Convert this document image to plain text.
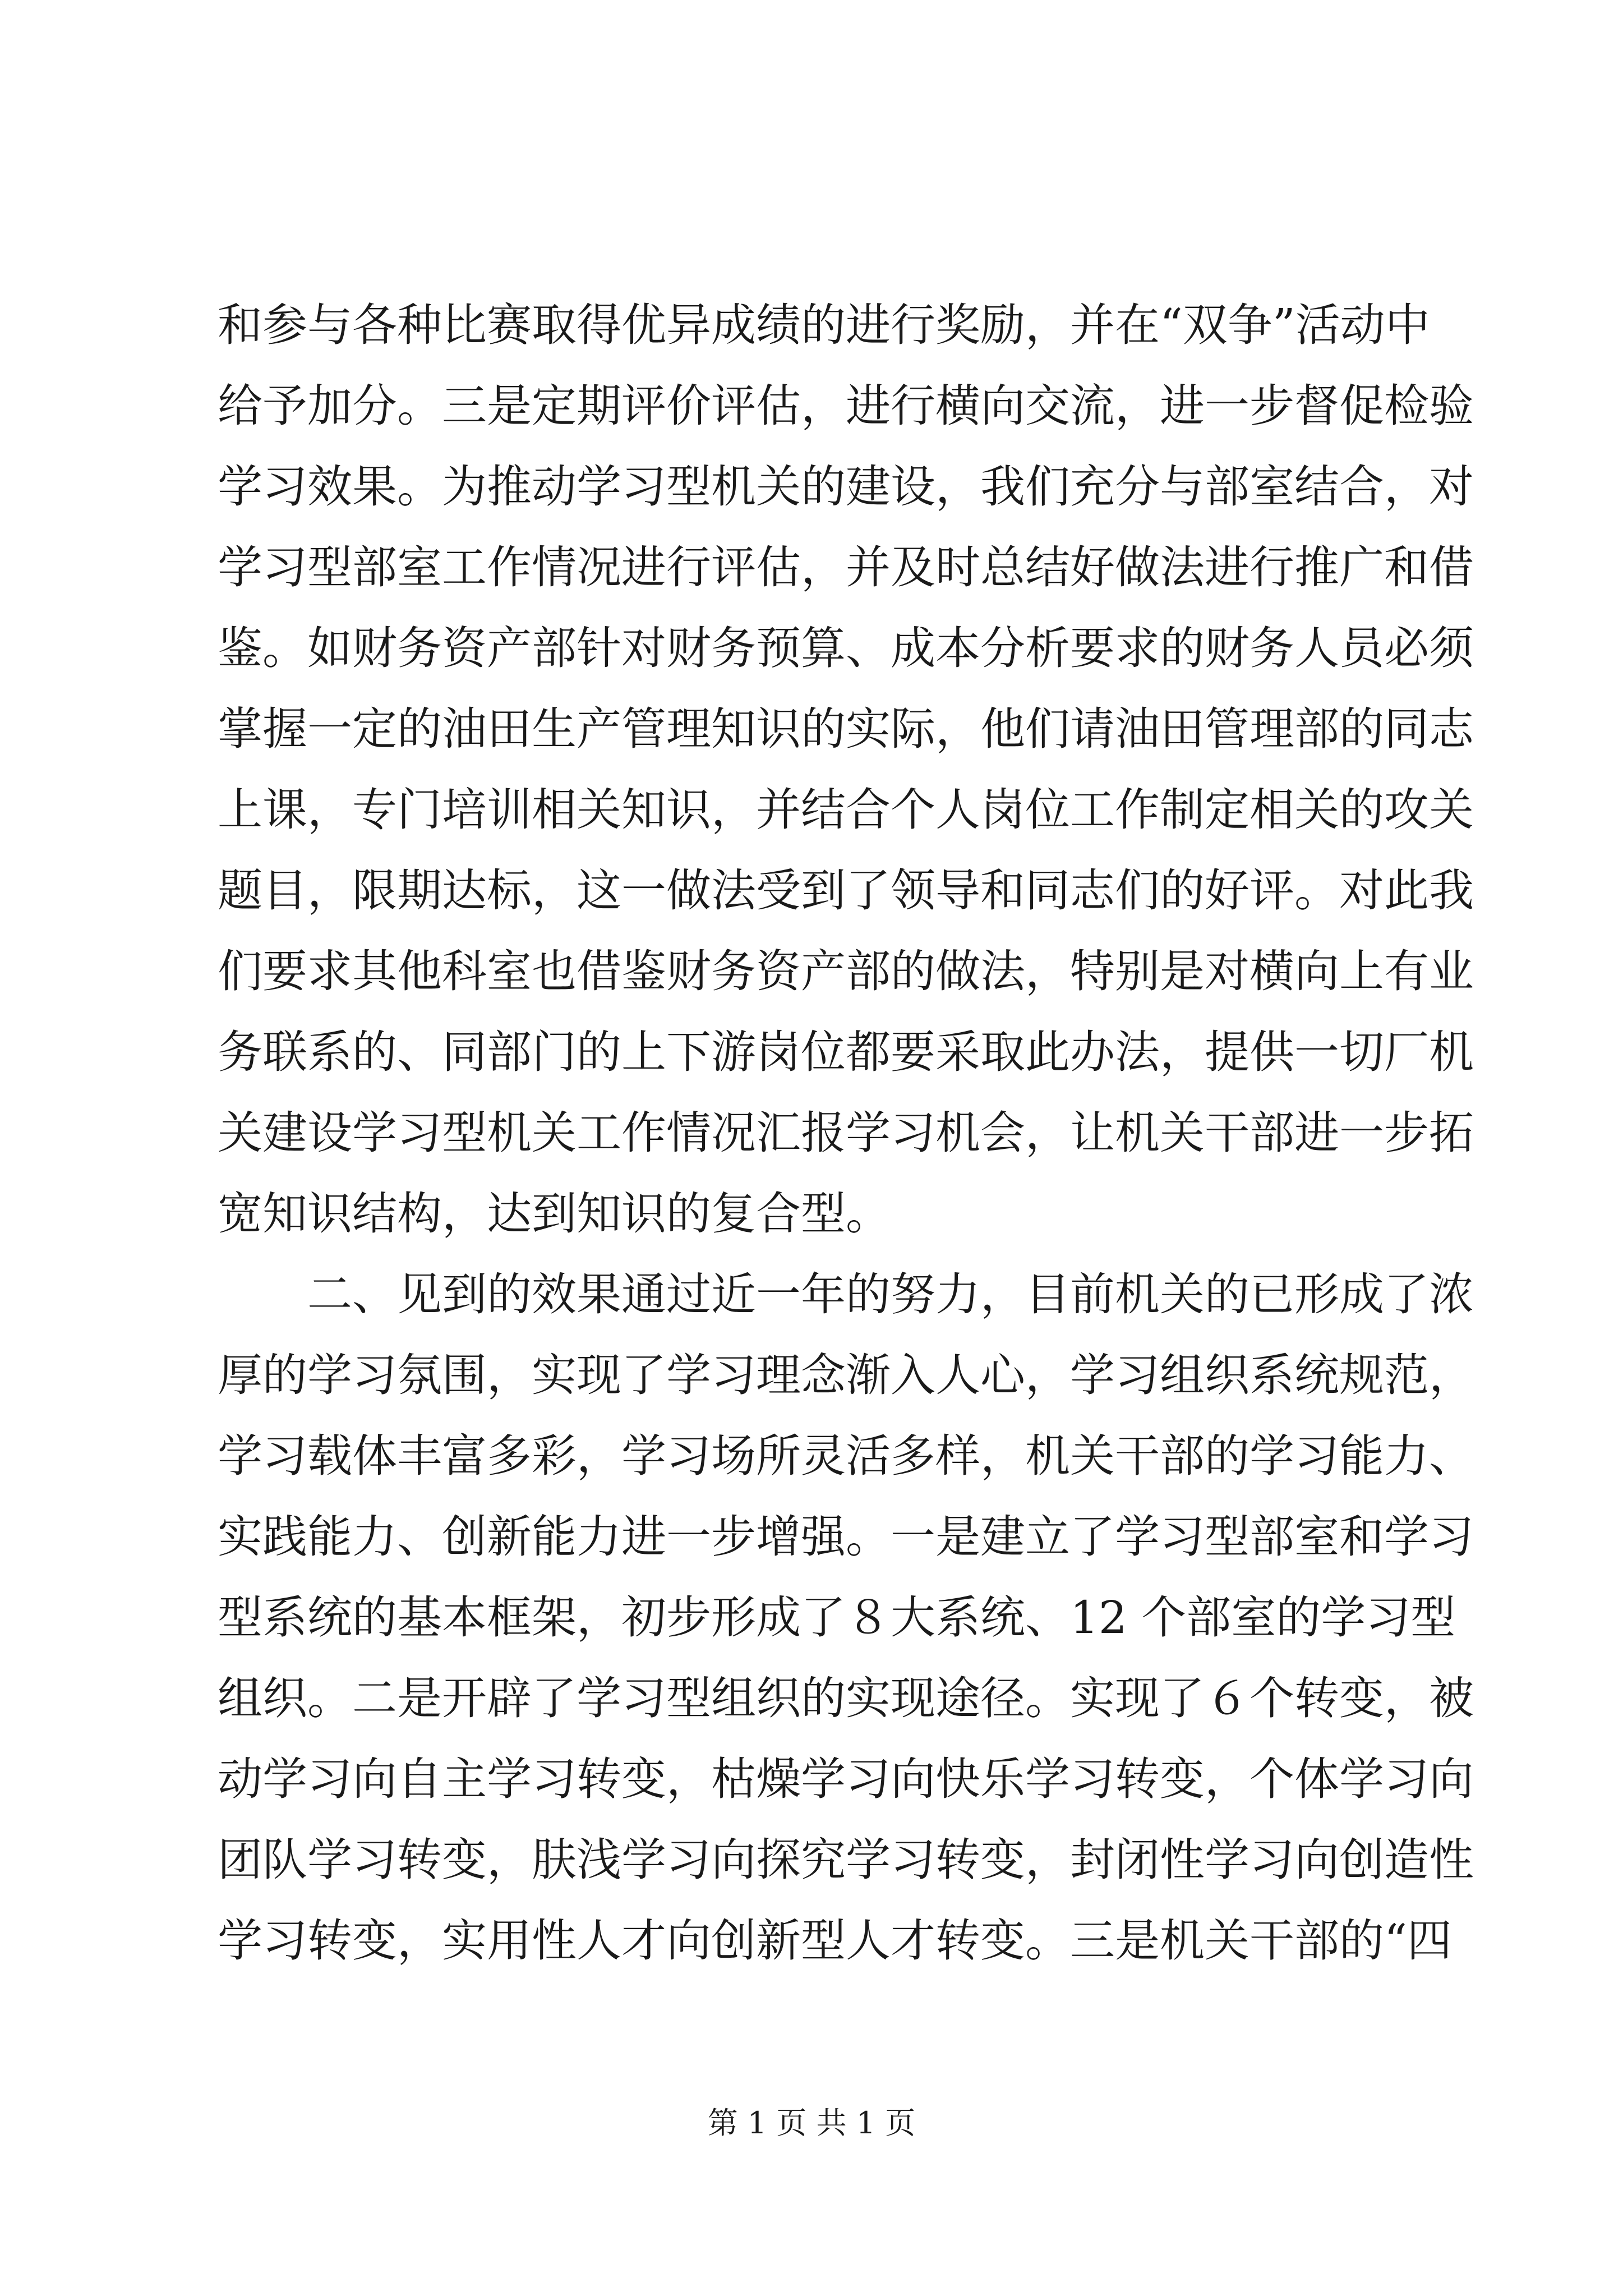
和参与各种比赛取得优异成绩的进行奖励，并在“双争”活动中
给予加分。三是定期评价评估，进行横向交流，进一步督促检验
学习效果。为推动学习型机关的建设，我们充分与部室结合，对
学习型部室工作情况进行评估，并及时总结好做法进行推广和借
鉴。如财务资产部针对财务预算、成本分析要求的财务人员必须
掌握一定的油田生产管理知识的实际，他们请油田管理部的同志
上课，专门培训相关知识，并结合个人岗位工作制定相关的攻关
题目，限期达标，这一做法受到了领导和同志们的好评。对此我
们要求其他科室也借鉴财务资产部的做法，特别是对横向上有业
务联系的、同部门的上下游岗位都要采取此办法，提供一切厂机
关建设学习型机关工作情况汇报学习机会，让机关干部进一步拓
宽知识结构，达到知识的复合型。
二、见到的效果通过近一年的努力，目前机关的已形成了浓
厚的学习氛围，实现了学习理念渐入人心，学习组织系统规范，
学习载体丰富多彩，学习场所灵活多样，机关干部的学习能力、
实践能力、创新能力进一步增强。一是建立了学习型部室和学习
型系统的基本框架，初步形成了８大系统、12 个部室的学习型
组织。二是开辟了学习型组织的实现途径。实现了６个转变，被
动学习向自主学习转变，枯燥学习向快乐学习转变，个体学习向
团队学习转变，肤浅学习向探究学习转变，封闭性学习向创造性
学习转变，实用性人才向创新型人才转变。三是机关干部的“四
第 1 页 共 1 页
